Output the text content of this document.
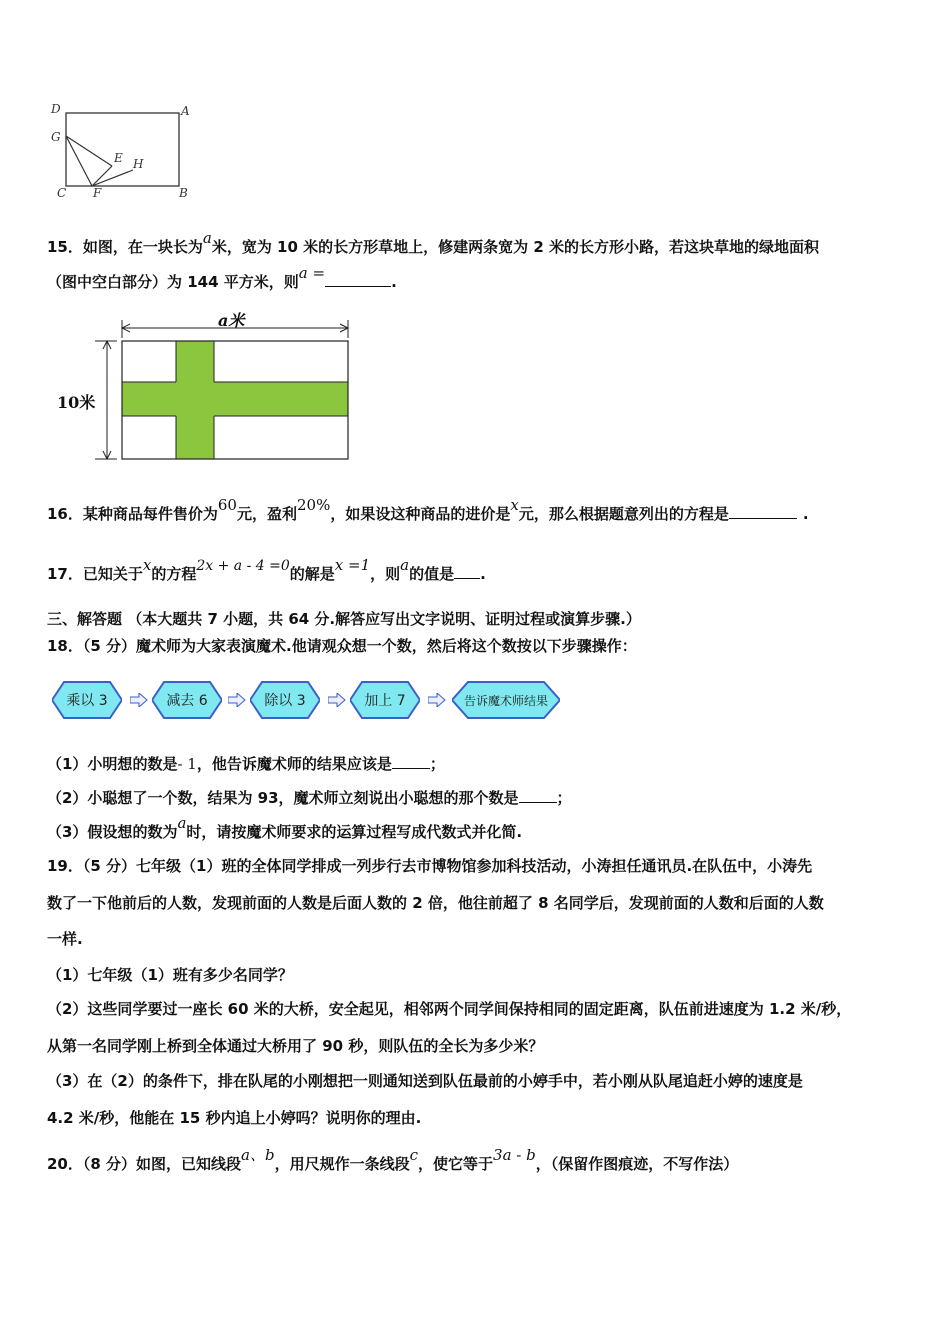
D	A
G
E H
C F	B
15．如图，在一块长为a米，宽为 10 米的长方形草地上，修建两条宽为 2 米的长方形小路，若这块草地的绿地面积
（图中空白部分）为 144 平方米，则a =	.
a米
10米
16．某种商品每件售价为60元，盈利20%，如果设这种商品的进价是x元，那么根据题意列出的方程是	.
17．已知关于x的方程2x + a - 4 =0的解是x =1，则a的值是 .
三、解答题 （本大题共 7 小题，共 64 分.解答应写出文字说明、证明过程或演算步骤.）
18．（5 分）魔术师为大家表演魔术.他请观众想一个数，然后将这个数按以下步骤操作：
乘以 3	减去 6	除以 3	加上 7	告诉魔术师结果
（1）小明想的数是- 1，他告诉魔术师的结果应该是	；
（2）小聪想了一个数，结果为 93，魔术师立刻说出小聪想的那个数是	；
（3）假设想的数为a时，请按魔术师要求的运算过程写成代数式并化简.
19．（5 分）七年级（1）班的全体同学排成一列步行去市博物馆参加科技活动，小涛担任通讯员.在队伍中，小涛先
数了一下他前后的人数，发现前面的人数是后面人数的 2 倍，他往前超了 8 名同学后，发现前面的人数和后面的人数
一样.
（1）七年级（1）班有多少名同学？
（2）这些同学要过一座长 60 米的大桥，安全起见，相邻两个同学间保持相同的固定距离，队伍前进速度为 1.2 米/秒，
从第一名同学刚上桥到全体通过大桥用了 90 秒，则队伍的全长为多少米？
（3）在（2）的条件下，排在队尾的小刚想把一则通知送到队伍最前的小婷手中，若小刚从队尾追赶小婷的速度是
4.2 米/秒，他能在 15 秒内追上小婷吗？说明你的理由.
20．（8 分）如图，已知线段a、b，用尺规作一条线段c，使它等于3a - b，（保留作图痕迹，不写作法）
